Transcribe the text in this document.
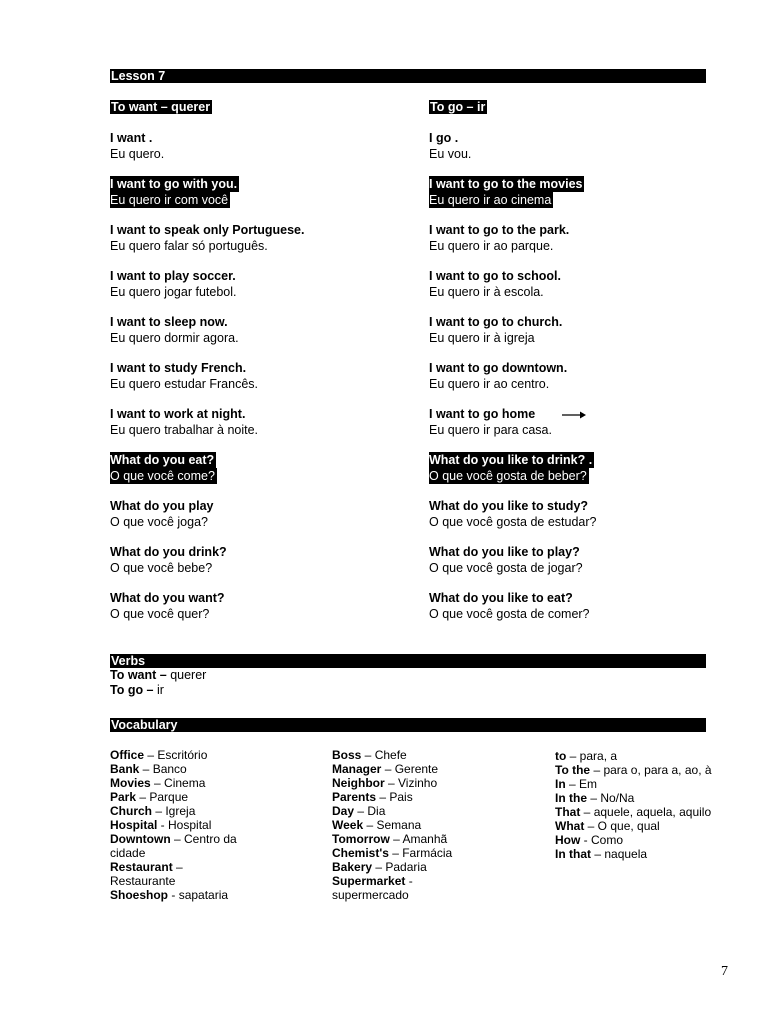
Lesson 7
To want – querer	To go – ir
I want .
Eu quero.
I want to go with you.
Eu quero ir com você
I want to speak only Portuguese.
Eu quero falar só português.
I want to play soccer.
Eu quero jogar futebol.
I want to sleep now.
Eu quero dormir agora.
I want to study French.
Eu quero estudar Francês.
I want to work at night.
Eu quero trabalhar à noite.
What do you eat?
O que você come?
What do you play
O que você joga?
What do you drink?
O que você bebe?
What do you want?
O que você quer?
I go .
Eu vou.
I want to go to the movies
Eu quero ir ao cinema
I want to go to the park.
Eu quero ir ao parque.
I want to go to school.
Eu quero ir à escola.
I want to go to church.
Eu quero ir à igreja
I want to go downtown.
Eu quero ir ao centro.
I want to go home
Eu quero ir para casa.
What do you like to drink? .
O que você gosta de beber?
What do you like to study?
O que você gosta de estudar?
What do you like to play?
O que você gosta de jogar?
What do you like to eat?
O que você gosta de comer?
Verbs
To want – querer
To go – ir
Vocabulary
Office – Escritório
Bank – Banco
Movies – Cinema
Park – Parque
Church – Igreja
Hospital - Hospital
Downtown – Centro da
cidade
Restaurant –
Restaurante
Shoeshop - sapataria
Boss – Chefe
Manager – Gerente
Neighbor – Vizinho
Parents – Pais
Day – Dia
Week – Semana
Tomorrow – Amanhã
Chemist's – Farmácia
Bakery – Padaria
Supermarket -
supermercado
to – para, a
To the – para o, para a, ao, à
In – Em
In the – No/Na
That – aquele, aquela, aquilo
What – O que, qual
How - Como
In that – naquela
7
